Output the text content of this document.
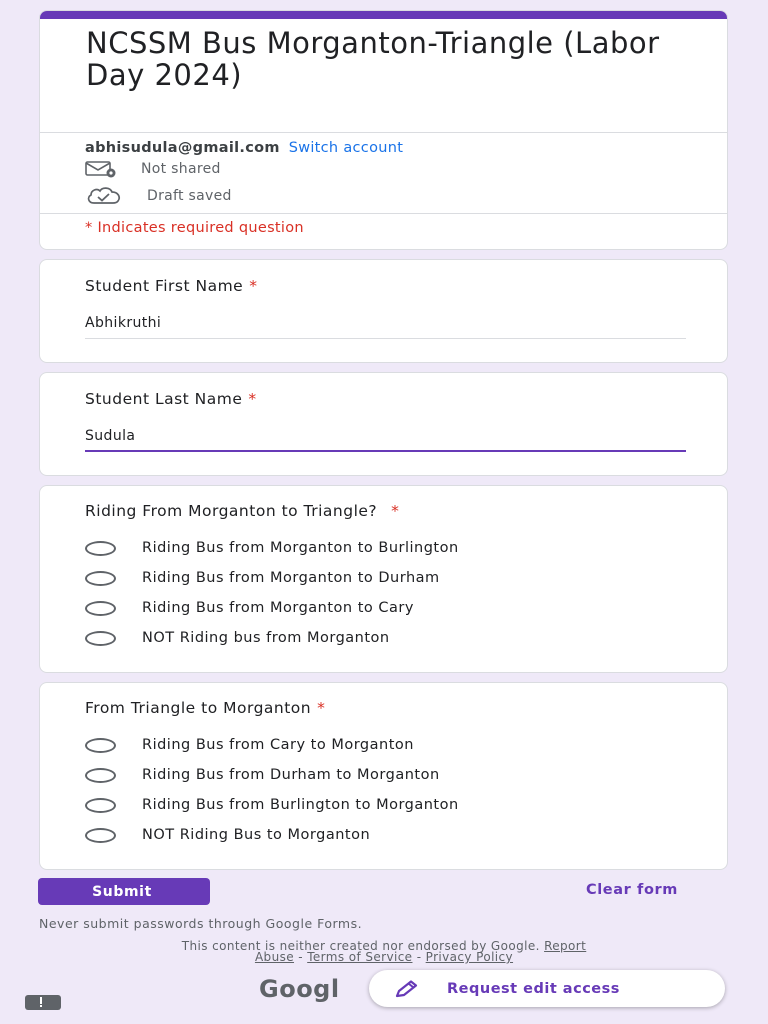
NCSSM Bus Morganton-Triangle (Labor Day 2024)
abhisudula@gmail.com Switch account
Not shared
Draft saved
* Indicates required question
Student First Name *
Abhikruthi
Student Last Name *
Sudula
Riding From Morganton to Triangle? *
Riding Bus from Morganton to Burlington
Riding Bus from Morganton to Durham
Riding Bus from Morganton to Cary
NOT Riding bus from Morganton
From Triangle to Morganton *
Riding Bus from Cary to Morganton
Riding Bus from Durham to Morganton
Riding Bus from Burlington to Morganton
NOT Riding Bus to Morganton
Submit	Clear form
Never submit passwords through Google Forms.
This content is neither created nor endorsed by Google. Report
Abuse - Terms of Service - Privacy Policy
Googl	Request edit access
